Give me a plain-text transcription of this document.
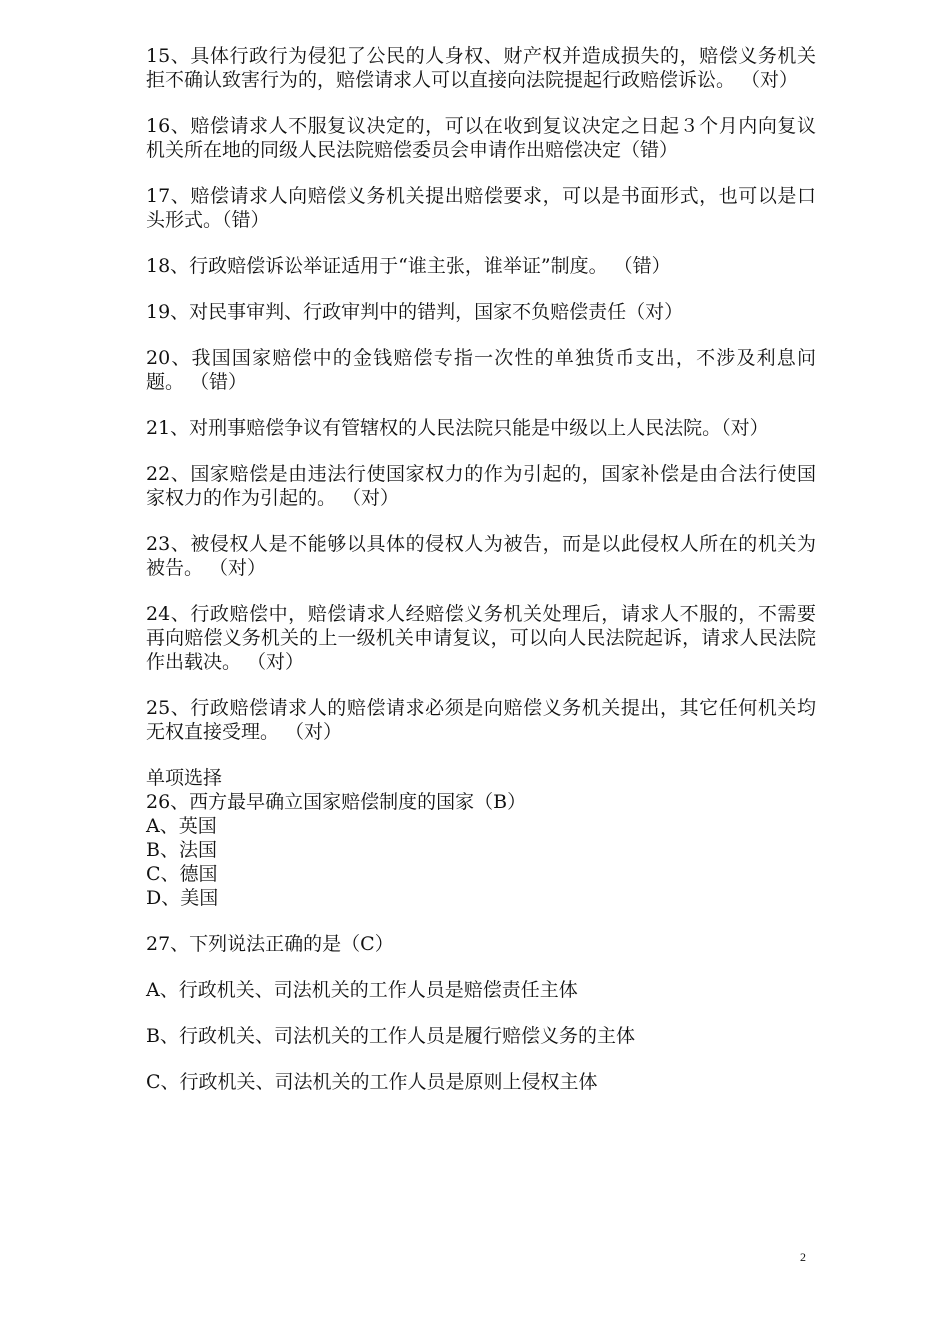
15、具体行政行为侵犯了公民的人身权、财产权并造成损失的，赔偿义务机关拒不确认致害行为的，赔偿请求人可以直接向法院提起行政赔偿诉讼。 （对）

16、赔偿请求人不服复议决定的，可以在收到复议决定之日起３个月内向复议机关所在地的同级人民法院赔偿委员会申请作出赔偿决定（错）

17、赔偿请求人向赔偿义务机关提出赔偿要求，可以是书面形式，也可以是口头形式。（错）

18、行政赔偿诉讼举证适用于“谁主张，谁举证”制度。 （错）

19、对民事审判、行政审判中的错判，国家不负赔偿责任（对）

20、我国国家赔偿中的金钱赔偿专指一次性的单独货币支出，不涉及利息问题。 （错）

21、对刑事赔偿争议有管辖权的人民法院只能是中级以上人民法院。（对）

22、国家赔偿是由违法行使国家权力的作为引起的，国家补偿是由合法行使国家权力的作为引起的。 （对）

23、被侵权人是不能够以具体的侵权人为被告，而是以此侵权人所在的机关为被告。 （对）

24、行政赔偿中，赔偿请求人经赔偿义务机关处理后，请求人不服的，不需要再向赔偿义务机关的上一级机关申请复议，可以向人民法院起诉，请求人民法院作出载决。 （对）

25、行政赔偿请求人的赔偿请求必须是向赔偿义务机关提出，其它任何机关均无权直接受理。 （对）

单项选择

26、西方最早确立国家赔偿制度的国家（B）

A、英国

B、法国

C、德国

D、美国

27、下列说法正确的是（C）

A、行政机关、司法机关的工作人员是赔偿责任主体

B、行政机关、司法机关的工作人员是履行赔偿义务的主体

C、行政机关、司法机关的工作人员是原则上侵权主体

2
